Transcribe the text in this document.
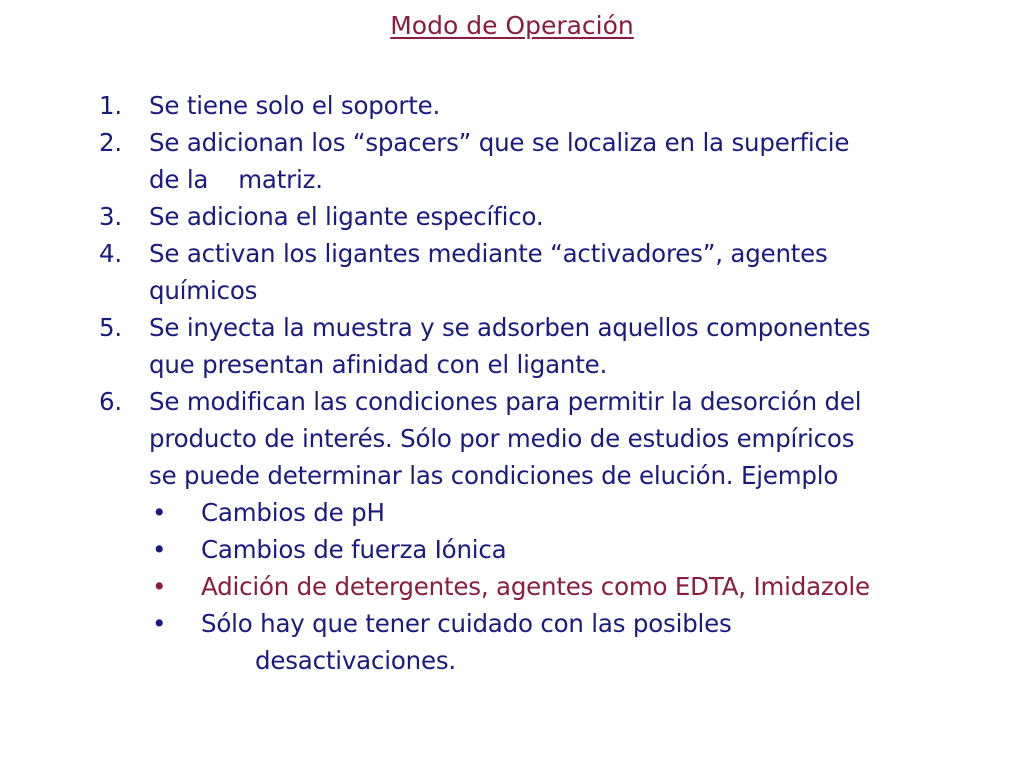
Modo de Operación
1. Se tiene solo el soporte.
2. Se adicionan los “spacers” que se localiza en la superficie
de la matriz.
3. Se adiciona el ligante específico.
4. Se activan los ligantes mediante “activadores”, agentes
químicos
5. Se inyecta la muestra y se adsorben aquellos componentes
que presentan afinidad con el ligante.
6. Se modifican las condiciones para permitir la desorción del
producto de interés. Sólo por medio de estudios empíricos
se puede determinar las condiciones de elución. Ejemplo
• Cambios de pH
• Cambios de fuerza Iónica
• Adición de detergentes, agentes como EDTA, Imidazole
• Sólo hay que tener cuidado con las posibles
desactivaciones.
